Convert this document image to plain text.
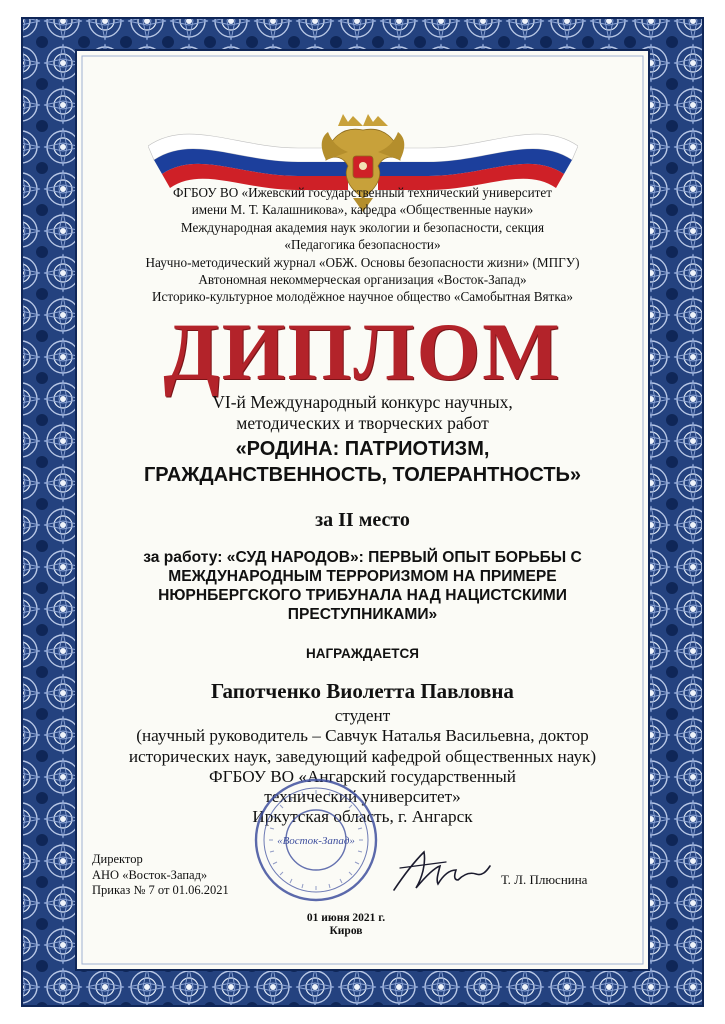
ФГБОУ ВО «Ижевский государственный технический университет
имени М. Т. Калашникова», кафедра «Общественные науки»
Международная академия наук экологии и безопасности, секция
«Педагогика безопасности»
Научно-методический журнал «ОБЖ. Основы безопасности жизни» (МПГУ)
Автономная некоммерческая организация «Восток-Запад»
Историко-культурное молодёжное научное общество «Самобытная Вятка»
ДИПЛОМ
VI-й Международный конкурс научных,
методических и творческих работ
«РОДИНА: ПАТРИОТИЗМ,
ГРАЖДАНСТВЕННОСТЬ, ТОЛЕРАНТНОСТЬ»
за II место
за работу: «СУД НАРОДОВ»: ПЕРВЫЙ ОПЫТ БОРЬБЫ С
МЕЖДУНАРОДНЫМ ТЕРРОРИЗМОМ НА ПРИМЕРЕ
НЮРНБЕРГСКОГО ТРИБУНАЛА НАД НАЦИСТСКИМИ
ПРЕСТУПНИКАМИ»
НАГРАЖДАЕТСЯ
Гапотченко Виолетта Павловна
студент
(научный руководитель – Савчук Наталья Васильевна, доктор
исторических наук, заведующий кафедрой общественных наук)
ФГБОУ ВО «Ангарский государственный
технический университет»
Иркутская область, г. Ангарск
«Восток-Запад»
Директор
АНО «Восток-Запад»
Приказ № 7 от 01.06.2021
Т. Л. Плюснина
01 июня 2021 г.
Киров
